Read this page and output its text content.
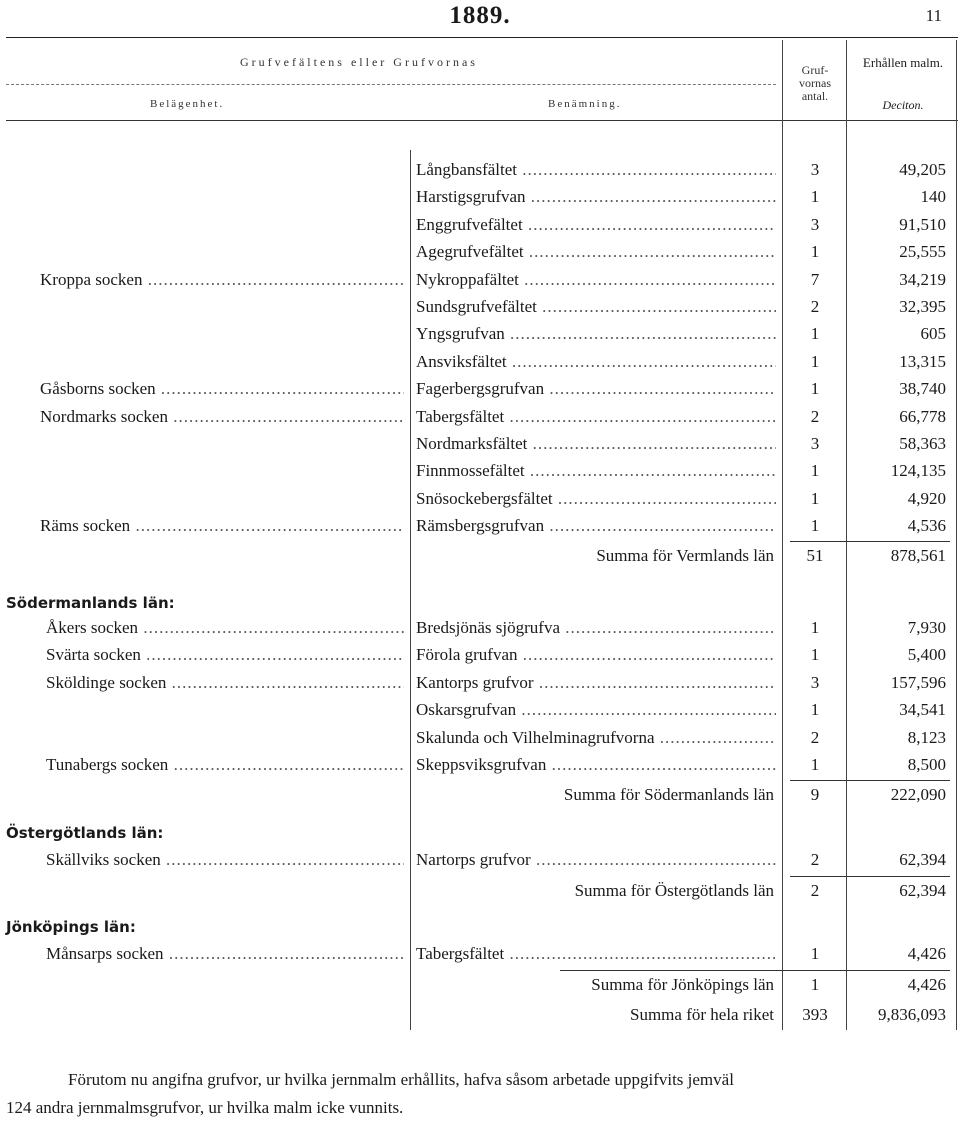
1889.	11
Grufvefältens eller Grufvornas
Belägenhet.	Benämning.
Gruf-
vornas
antal.
Erhållen malm.
Deciton.
Långbansfältet .....	3	49,205
Harstigsgrufvan .....	1	140
Enggrufvefältet .....	3	91,510
Agegrufvefältet .....	1	25,555
Kroppa socken .....	Nykroppafältet .....	7	34,219
Sundsgrufvefältet .....	2	32,395
Yngsgrufvan .....	1	605
Ansviksfältet .....	1	13,315
Gåsborns socken .....	Fagerbergsgrufvan .....	1	38,740
Nordmarks socken .....	Tabergsfältet .....	2	66,778
Nordmarksfältet .....	3	58,363
Finnmossefältet .....	1	124,135
Snösockebergsfältet .....	1	4,920
Räms socken .....	Rämsbergsgrufvan .....	1	4,536
Summa för Vermlands län	51	878,561
Södermanlands län:
Åkers socken .....	Bredsjönäs sjögrufva .....	1	7,930
Svärta socken .....	Förola grufvan .....	1	5,400
Sköldinge socken .....	Kantorps grufvor .....	3	157,596
Oskarsgrufvan .....	1	34,541
Skalunda och Vilhelminagrufvorna .....	2	8,123
Tunabergs socken .....	Skeppsviksgrufvan .....	1	8,500
Summa för Södermanlands län	9	222,090
Östergötlands län:
Skällviks socken .....	Nartorps grufvor .....	2	62,394
Summa för Östergötlands län	2	62,394
Jönköpings län:
Månsarps socken .....	Tabergsfältet .....	1	4,426
Summa för Jönköpings län	1	4,426
Summa för hela riket	393	9,836,093
Förutom nu angifna grufvor, ur hvilka jernmalm erhållits, hafva såsom arbetade uppgifvits jemväl
124 andra jernmalmsgrufvor, ur hvilka malm icke vunnits.
